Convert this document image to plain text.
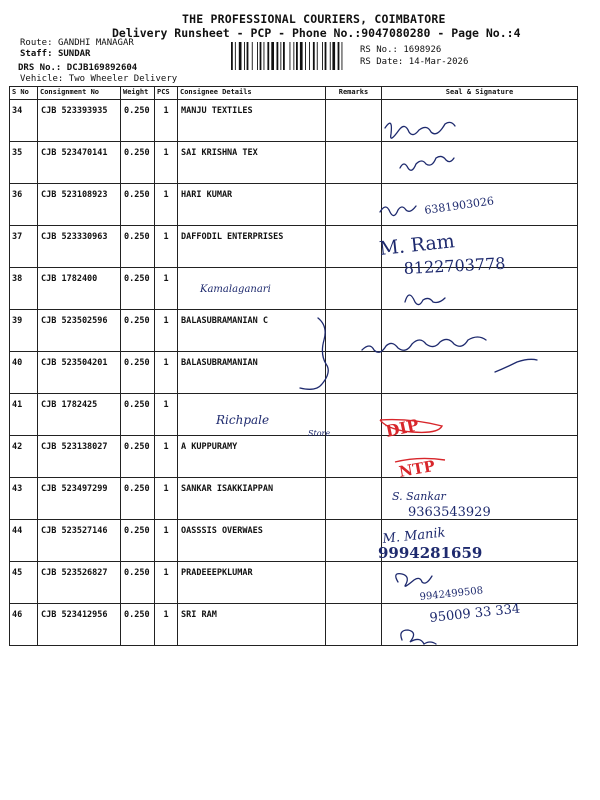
THE PROFESSIONAL COURIERS, COIMBATORE
Delivery Runsheet - PCP - Phone No.:9047080280 - Page No.:4
Route: GANDHI MANAGAR
Staff: SUNDAR
DRS No.: DCJB169892604
Vehicle: Two Wheeler Delivery
RS No.: 1698926
RS Date: 14-Mar-2026
S No	Consignment No	Weight	PCS	Consignee Details	Remarks	Seal & Signature

34	CJB 523393935	0.250	1	MANJU TEXTILES		

35	CJB 523470141	0.250	1	SAI KRISHNA TEX		

36	CJB 523108923	0.250	1	HARI KUMAR		

37	CJB 523330963	0.250	1	DAFFODIL ENTERPRISES		

38	CJB 1782400	0.250	1			

39	CJB 523502596	0.250	1	BALASUBRAMANIAN C		

40	CJB 523504201	0.250	1	BALASUBRAMANIAN		

41	CJB 1782425	0.250	1			

42	CJB 523138027	0.250	1	A KUPPURAMY		

43	CJB 523497299	0.250	1	SANKAR ISAKKIAPPAN		

44	CJB 523527146	0.250	1	OASSSIS OVERWAES		

45	CJB 523526827	0.250	1	PRADEEEPKLUMAR		

46	CJB 523412956	0.250	1	SRI RAM		

6381903026
M. Ram
8122703778
Kamalaganari
Richpale
Store
S. Sankar
9363543929
M. Manik
9994281659
9942499508
95009 33 334
DIP
NTP
